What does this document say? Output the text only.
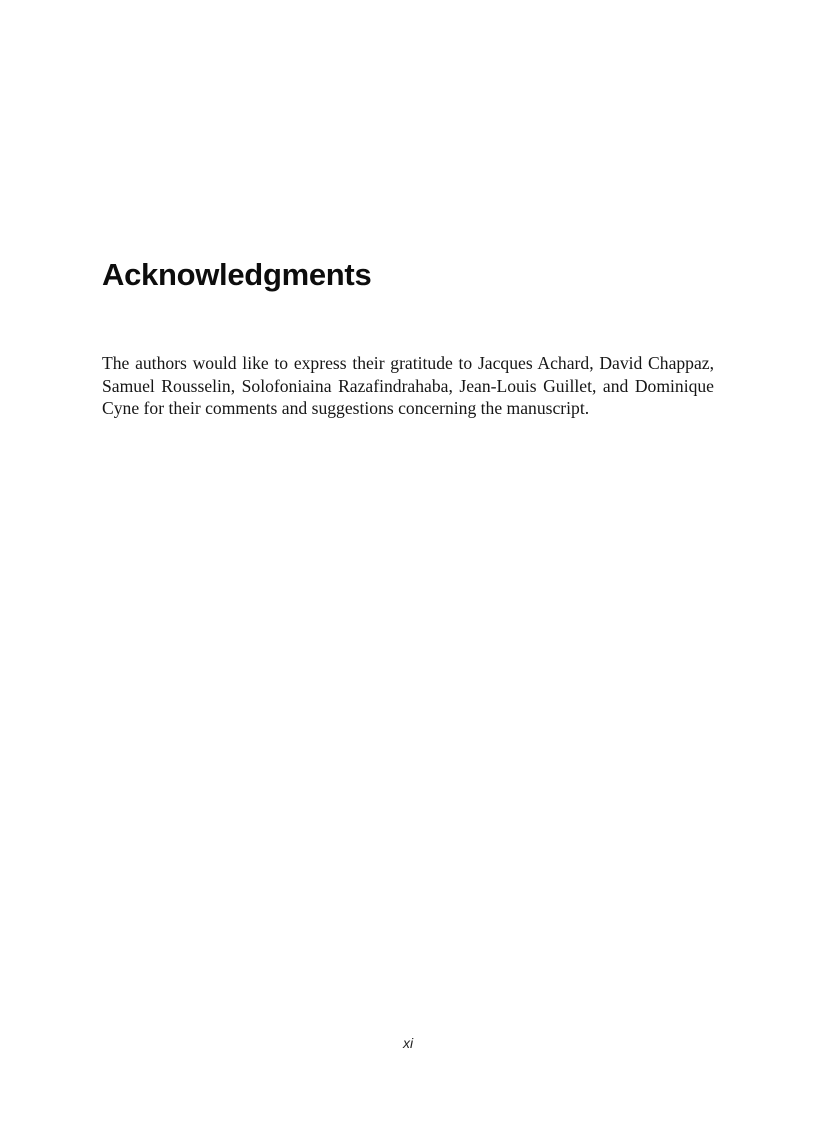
Acknowledgments

The authors would like to express their gratitude to Jacques Achard, David Chappaz, Samuel Rousselin, Solofoniaina Razafindrahaba, Jean-Louis Guillet, and Dominique Cyne for their comments and suggestions concerning the manuscript.

xi
